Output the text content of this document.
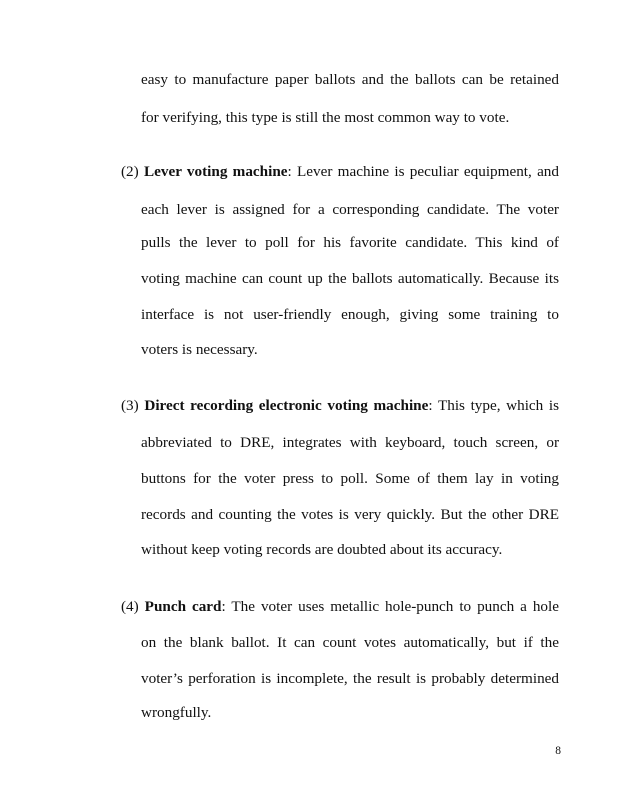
easy to manufacture paper ballots and the ballots can be retained
for verifying, this type is still the most common way to vote.
(2) Lever voting machine: Lever machine is peculiar equipment, and
each lever is assigned for a corresponding candidate. The voter
pulls the lever to poll for his favorite candidate. This kind of
voting machine can count up the ballots automatically. Because its
interface is not user-friendly enough, giving some training to
voters is necessary.
(3) Direct recording electronic voting machine: This type, which is
abbreviated to DRE, integrates with keyboard, touch screen, or
buttons for the voter press to poll. Some of them lay in voting
records and counting the votes is very quickly. But the other DRE
without keep voting records are doubted about its accuracy.
(4) Punch card: The voter uses metallic hole-punch to punch a hole
on the blank ballot. It can count votes automatically, but if the
voter’s perforation is incomplete, the result is probably determined
wrongfully.
8
